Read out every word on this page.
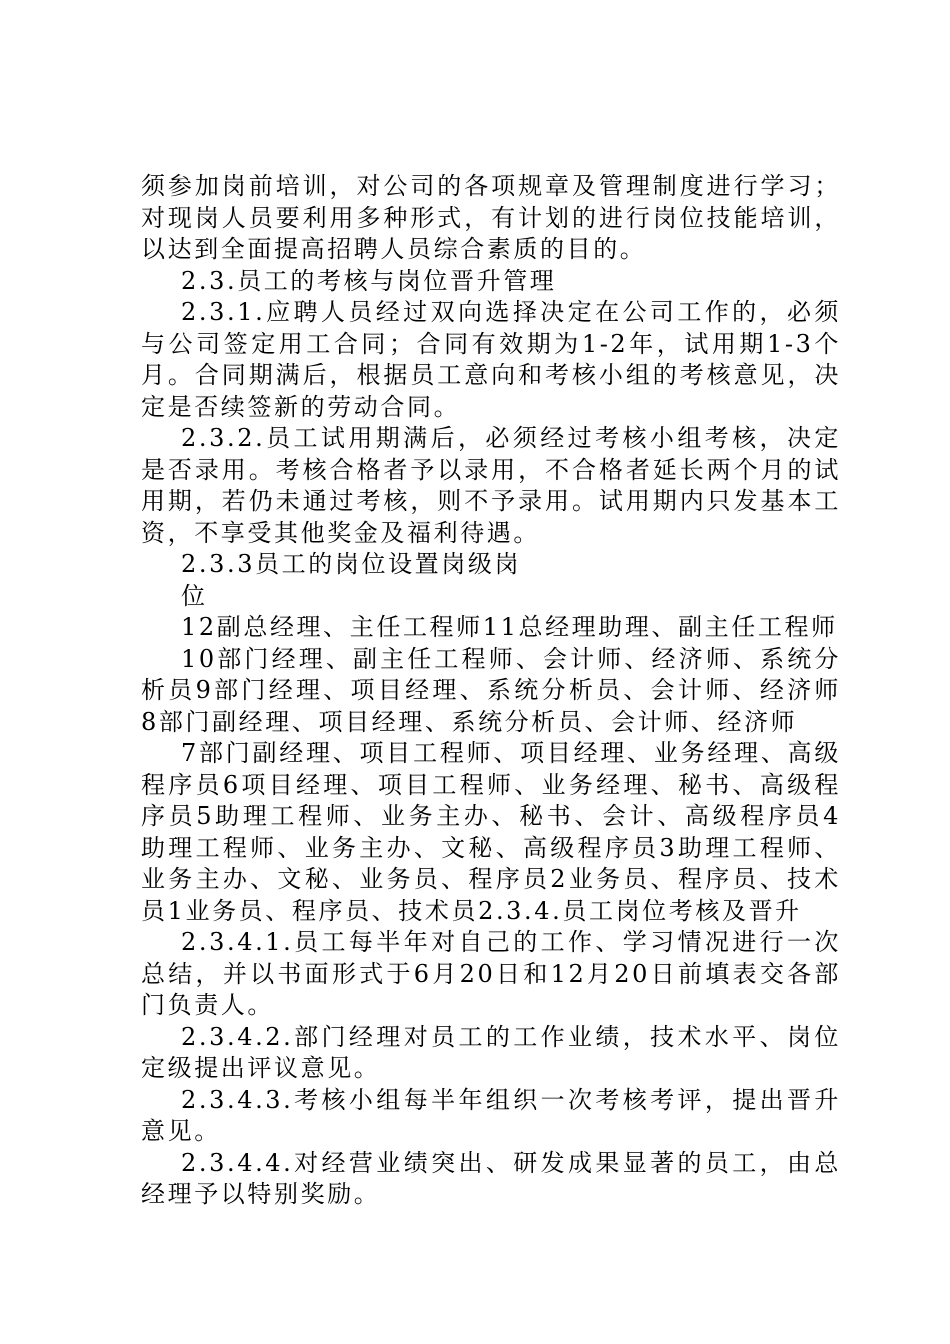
须参加岗前培训，对公司的各项规章及管理制度进行学习；对现岗人员要利用多种形式，有计划的进行岗位技能培训，以达到全面提高招聘人员综合素质的目的。

2.3.员工的考核与岗位晋升管理

2.3.1.应聘人员经过双向选择决定在公司工作的，必须与公司签定用工合同；合同有效期为1-2年，试用期1-3个月。合同期满后，根据员工意向和考核小组的考核意见，决定是否续签新的劳动合同。

2.3.2.员工试用期满后，必须经过考核小组考核，决定是否录用。考核合格者予以录用，不合格者延长两个月的试用期，若仍未通过考核，则不予录用。试用期内只发基本工资，不享受其他奖金及福利待遇。

2.3.3员工的岗位设置岗级岗

位

12副总经理、主任工程师11总经理助理、副主任工程师

10部门经理、副主任工程师、会计师、经济师、系统分析员9部门经理、项目经理、系统分析员、会计师、经济师8部门副经理、项目经理、系统分析员、会计师、经济师

7部门副经理、项目工程师、项目经理、业务经理、高级程序员6项目经理、项目工程师、业务经理、秘书、高级程序员5助理工程师、业务主办、秘书、会计、高级程序员4助理工程师、业务主办、文秘、高级程序员3助理工程师、业务主办、文秘、业务员、程序员2业务员、程序员、技术员1业务员、程序员、技术员2.3.4.员工岗位考核及晋升

2.3.4.1.员工每半年对自己的工作、学习情况进行一次总结，并以书面形式于6月20日和12月20日前填表交各部门负责人。

2.3.4.2.部门经理对员工的工作业绩，技术水平、岗位定级提出评议意见。

2.3.4.3.考核小组每半年组织一次考核考评，提出晋升意见。

2.3.4.4.对经营业绩突出、研发成果显著的员工，由总经理予以特别奖励。
